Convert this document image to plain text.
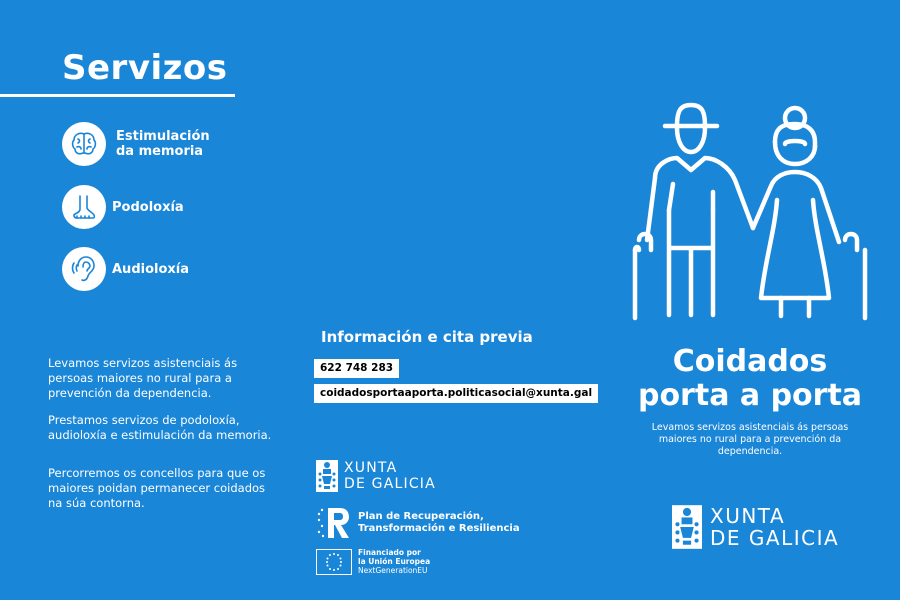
Servizos
Estimulación
da memoria
Podoloxía
Audioloxía
Levamos servizos asistenciais ás persoas maiores no rural para a prevención da dependencia.
Prestamos servizos de podoloxía, audioloxía e estimulación da memoria.
Percorremos os concellos para que os maiores poidan permanecer coidados na súa contorna.
Información e cita previa
622 748 283
coidadosportaaporta.politicasocial@xunta.gal
XUNTA
DE GALICIA
Plan de Recuperación,
Transformación e Resiliencia
Financiado por
la Unión Europea
NextGenerationEU
Coidados
porta a porta
Levamos servizos asistenciais ás persoas maiores no rural para a prevención da dependencia.
XUNTA
DE GALICIA
